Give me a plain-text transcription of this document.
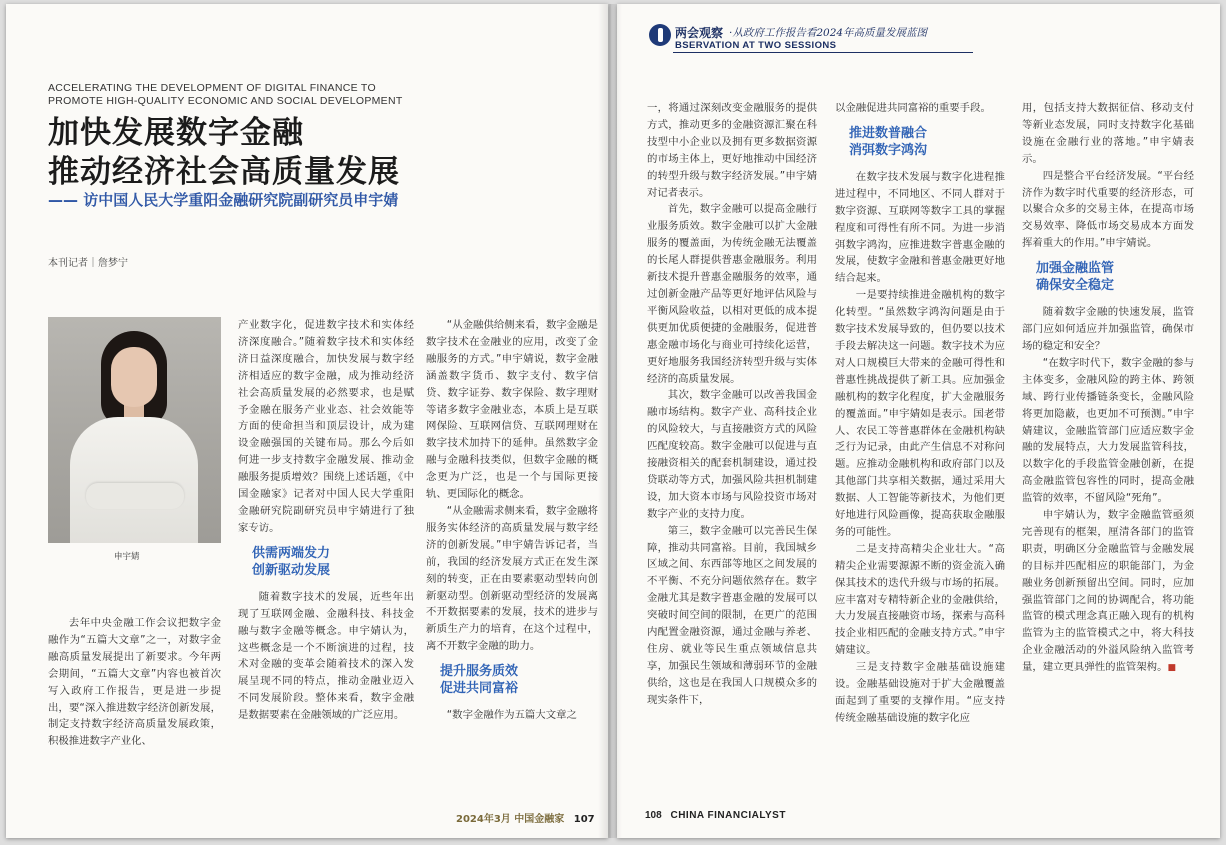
ACCELERATING THE DEVELOPMENT OF DIGITAL FINANCE TO PROMOTE HIGH-QUALITY ECONOMIC AND SOCIAL DEVELOPMENT
加快发展数字金融
推动经济社会高质量发展
—— 访中国人民大学重阳金融研究院副研究员申宇婧
本刊记者｜詹梦宁
申宇婧

去年中央金融工作会议把数字金融作为“五篇大文章”之一，对数字金融高质量发展提出了新要求。今年两会期间，“五篇大文章”内容也被首次写入政府工作报告，更是进一步提出，要“深入推进数字经济创新发展，制定支持数字经济高质量发展政策，积极推进数字产业化、

产业数字化，促进数字技术和实体经济深度融合。”随着数字技术和实体经济日益深度融合，加快发展与数字经济相适应的数字金融，成为推动经济社会高质量发展的必然要求，也是赋予金融在服务产业业态、社会效能等方面的使命担当和顶层设计，成为建设金融强国的关键布局。那么今后如何进一步支持数字金融发展、推动金融服务提质增效？围绕上述话题，《中国金融家》记者对中国人民大学重阳金融研究院副研究员申宇婧进行了独家专访。

供需两端发力
创新驱动发展

随着数字技术的发展，近些年出现了互联网金融、金融科技、科技金融与数字金融等概念。申宇婧认为，这些概念是一个不断演进的过程，技术对金融的变革会随着技术的深入发展呈现不同的特点，推动金融业迈入不同发展阶段。整体来看，数字金融是数据要素在金融领域的广泛应用。

“从金融供给侧来看，数字金融是数字技术在金融业的应用，改变了金融服务的方式。”申宇婧说，数字金融涵盖数字货币、数字支付、数字信贷、数字证券、数字保险、数字理财等诸多数字金融业态，本质上是互联网保险、互联网信贷、互联网理财在数字技术加持下的延伸。虽然数字金融与金融科技类似，但数字金融的概念更为广泛，也是一个与国际更接轨、更国际化的概念。

“从金融需求侧来看，数字金融将服务实体经济的高质量发展与数字经济的创新发展。”申宇婧告诉记者，当前，我国的经济发展方式正在发生深刻的转变，正在由要素驱动型转向创新驱动型。创新驱动型经济的发展离不开数据要素的发展，技术的进步与新质生产力的培育，在这个过程中，离不开数字金融的助力。

提升服务质效
促进共同富裕

“数字金融作为五篇大文章之

2024年3月 中国金融家 107
两会观察 ·从政府工作报告看2024年高质量发展蓝图
BSERVATION AT TWO SESSIONS

一，将通过深刻改变金融服务的提供方式，推动更多的金融资源汇聚在科技型中小企业以及拥有更多数据资源的市场主体上，更好地推动中国经济的转型升级与数字经济发展。”申宇婧对记者表示。

首先，数字金融可以提高金融行业服务质效。数字金融可以扩大金融服务的覆盖面，为传统金融无法覆盖的长尾人群提供普惠金融服务。利用新技术提升普惠金融服务的效率，通过创新金融产品等更好地评估风险与平衡风险收益，以相对更低的成本提供更加优质便捷的金融服务，促进普惠金融市场化与商业可持续化运营，更好地服务我国经济转型升级与实体经济的高质量发展。

其次，数字金融可以改善我国金融市场结构。数字产业、高科技企业的风险较大，与直接融资方式的风险匹配度较高。数字金融可以促进与直接融资相关的配套机制建设，通过投贷联动等方式，加强风险共担机制建设，加大资本市场与风险投资市场对数字产业的支持力度。

第三，数字金融可以完善民生保障，推动共同富裕。目前，我国城乡区域之间、东西部等地区之间发展的不平衡、不充分问题依然存在。数字金融尤其是数字普惠金融的发展可以突破时间空间的限制，在更广的范围内配置金融资源，通过金融与养老、住房、就业等民生重点领域信息共享，加强民生领域和薄弱环节的金融供给，这也是在我国人口规模众多的现实条件下，

以金融促进共同富裕的重要手段。

推进数普融合
消弭数字鸿沟

在数字技术发展与数字化进程推进过程中，不同地区、不同人群对于数字资源、互联网等数字工具的掌握程度和可得性有所不同。为进一步消弭数字鸿沟，应推进数字普惠金融的发展，使数字金融和普惠金融更好地结合起来。

一是要持续推进金融机构的数字化转型。“虽然数字鸿沟问题是由于数字技术发展导致的，但仍要以技术手段去解决这一问题。数字技术为应对人口规模巨大带来的金融可得性和普惠性挑战提供了新工具。应加强金融机构的数字化程度，扩大金融服务的覆盖面。”申宇婧如是表示。国老带人、农民工等普惠群体在金融机构缺乏行为记录，由此产生信息不对称问题。应推动金融机构和政府部门以及其他部门共享相关数据，通过采用大数据、人工智能等新技术，为他们更好地进行风险画像，提高获取金融服务的可能性。

二是支持高精尖企业壮大。“高精尖企业需要源源不断的资金流入确保其技术的迭代升级与市场的拓展。应丰富对专精特新企业的金融供给，大力发展直接融资市场，探索与高科技企业相匹配的金融支持方式。”申宇婧建议。

三是支持数字金融基础设施建设。金融基础设施对于扩大金融覆盖面起到了重要的支撑作用。“应支持传统金融基础设施的数字化应

用，包括支持大数据征信、移动支付等新业态发展，同时支持数字化基础设施在金融行业的落地。”申宇婧表示。

四是整合平台经济发展。“平台经济作为数字时代重要的经济形态，可以聚合众多的交易主体，在提高市场交易效率、降低市场交易成本方面发挥着重大的作用。”申宇婧说。

加强金融监管
确保安全稳定

随着数字金融的快速发展，监管部门应如何适应并加强监管，确保市场的稳定和安全？

“在数字时代下，数字金融的参与主体变多，金融风险的跨主体、跨领域、跨行业传播链条变长，金融风险将更加隐蔽，也更加不可预测。”申宇婧建议，金融监管部门应适应数字金融的发展特点，大力发展监管科技，以数字化的手段监管金融创新，在提高金融监管包容性的同时，提高金融监管的效率，不留风险“死角”。

申宇婧认为，数字金融监管亟须完善现有的框架，厘清各部门的监管职责，明确区分金融监管与金融发展的目标并匹配相应的职能部门，为金融业务创新预留出空间。同时，应加强监管部门之间的协调配合，将功能监管的模式理念真正融入现有的机构监管为主的监管模式之中，将大科技企业金融活动的外溢风险纳入监管考量，建立更具弹性的监管架构。■

108 CHINA FINANCIALYST
